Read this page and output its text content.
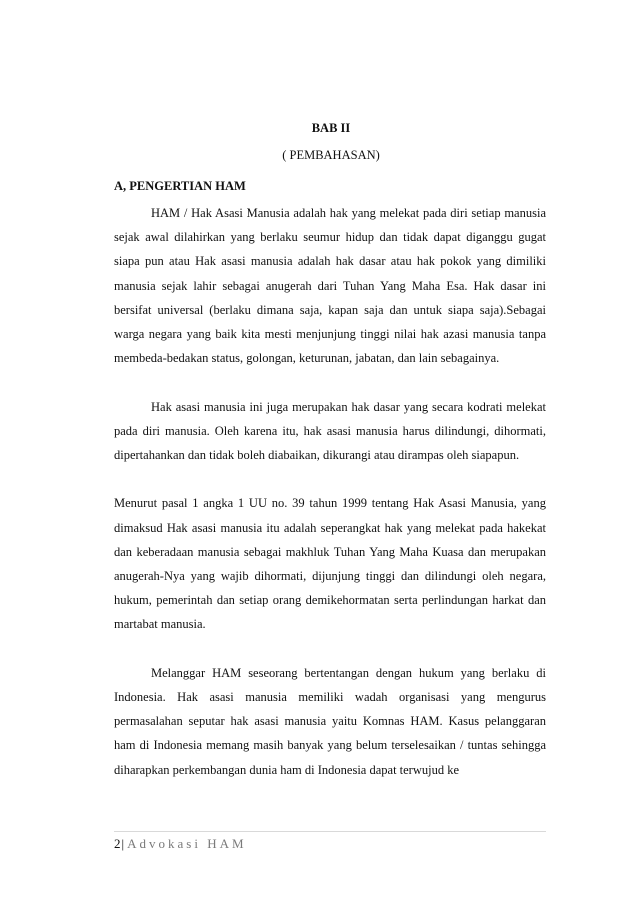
BAB II
( PEMBAHASAN)
A, PENGERTIAN HAM

HAM / Hak Asasi Manusia adalah hak yang melekat pada diri setiap manusia sejak awal dilahirkan yang berlaku seumur hidup dan tidak dapat diganggu gugat siapa pun atau Hak asasi manusia adalah hak dasar atau hak pokok yang dimiliki manusia sejak lahir sebagai anugerah dari Tuhan Yang Maha Esa. Hak dasar ini bersifat universal (berlaku dimana saja, kapan saja dan untuk siapa saja).Sebagai warga negara yang baik kita mesti menjunjung tinggi nilai hak azasi manusia tanpa membeda-bedakan status, golongan, keturunan, jabatan, dan lain sebagainya.

Hak asasi manusia ini juga merupakan hak dasar yang secara kodrati melekat pada diri manusia. Oleh karena itu, hak asasi manusia harus dilindungi, dihormati, dipertahankan dan tidak boleh diabaikan, dikurangi atau dirampas oleh siapapun.

Menurut pasal 1 angka 1 UU no. 39 tahun 1999 tentang Hak Asasi Manusia, yang dimaksud Hak asasi manusia itu adalah seperangkat hak yang melekat pada hakekat dan keberadaan manusia sebagai makhluk Tuhan Yang Maha Kuasa dan merupakan anugerah-Nya yang wajib dihormati, dijunjung tinggi dan dilindungi oleh negara, hukum, pemerintah dan setiap orang demikehormatan serta perlindungan harkat dan martabat manusia.

Melanggar HAM seseorang bertentangan dengan hukum yang berlaku di Indonesia. Hak asasi manusia memiliki wadah organisasi yang mengurus permasalahan seputar hak asasi manusia yaitu Komnas HAM. Kasus pelanggaran ham di Indonesia memang masih banyak yang belum terselesaikan / tuntas sehingga diharapkan perkembangan dunia ham di Indonesia dapat terwujud ke

2| Advokasi HAM
